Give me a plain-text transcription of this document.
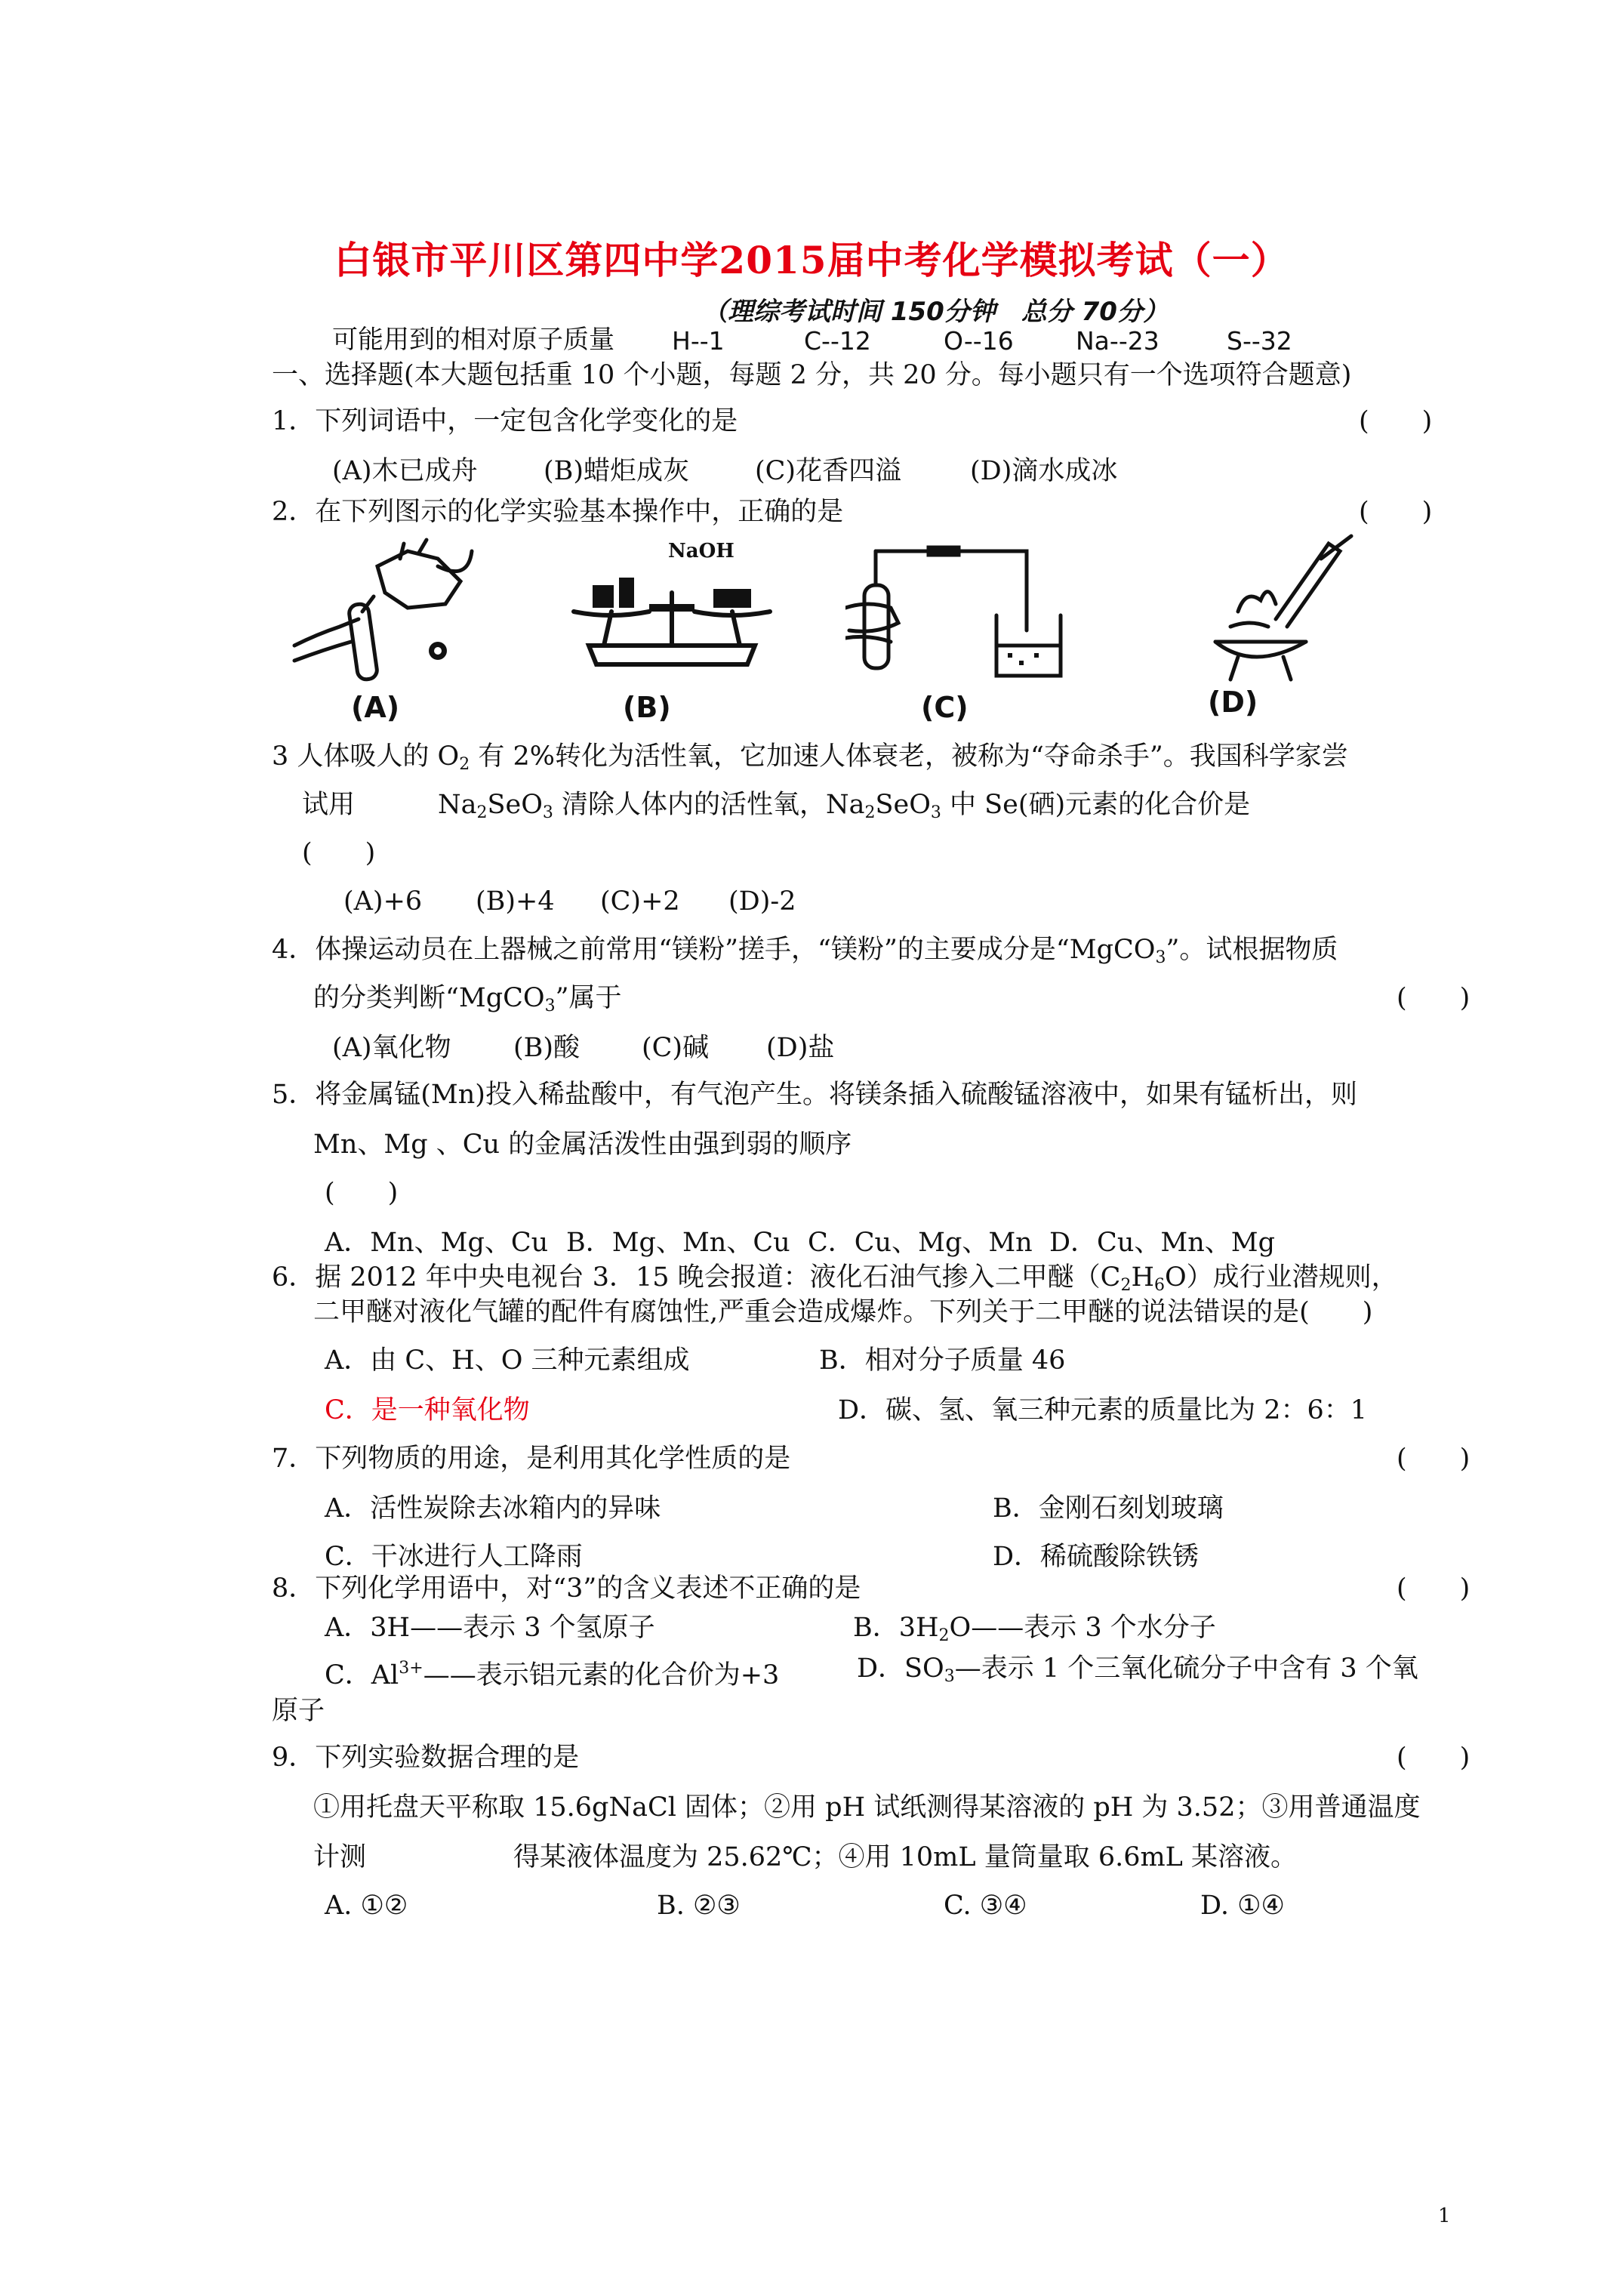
白银市平川区第四中学2015届中考化学模拟考试（一）
（理综考试时间 150分钟　总分 70分）
可能用到的相对原子质量 H--1	C--12	O--16 Na--23	S--32
一、选择题(本大题包括重 10 个小题，每题 2 分，共 20 分。每小题只有一个选项符合题意)
1．下列词语中，一定包含化学变化的是	(　　)
(A)木已成舟 (B)蜡炬成灰 (C)花香四溢	(D)滴水成冰
2．在下列图示的化学实验基本操作中，正确的是	(　　)
(A)
NaOH
(B)	(C)	(D)
3 人体吸人的 $O_2$ 有 2%转化为活性氧，它加速人体衰老，被称为“夺命杀手”。我国科学家尝
试用	$Na_2SeO_3$ 清除人体内的活性氧，$Na_2SeO_3$ 中 Se(硒)元素的化合价是
(　　)
(A)+6 (B)+4 (C)+2 (D)-2
4．体操运动员在上器械之前常用“镁粉”搓手，“镁粉”的主要成分是“MgCO$_3$”。试根据物质
的分类判断“MgCO$_3$”属于	(　　)
(A)氧化物 (B)酸 (C)碱 (D)盐
5．将金属锰(Mn)投入稀盐酸中，有气泡产生。将镁条插入硫酸锰溶液中，如果有锰析出，则
Mn、Mg 、Cu 的金属活泼性由强到弱的顺序
(　　)
A．Mn、Mg、Cu B．Mg、Mn、Cu C．Cu、Mg、Mn D．Cu、Mn、Mg
6．据 2012 年中央电视台 3．15 晚会报道：液化石油气掺入二甲醚$(C_2H_6O)$成行业潜规则，
二甲醚对液化气罐的配件有腐蚀性,严重会造成爆炸。下列关于二甲醚的说法错误的是(　　)
A．由 C、H、O 三种元素组成	B．相对分子质量 46
C．是一种氧化物	D．碳、氢、氧三种元素的质量比为 2：6：1
7．下列物质的用途，是利用其化学性质的是	(　　)
A．活性炭除去冰箱内的异味	B．金刚石刻划玻璃
C．干冰进行人工降雨	D．稀硫酸除铁锈
8．下列化学用语中，对“3”的含义表述不正确的是	(　　)
A．3H——表示 3 个氢原子	B．$3H_2O——$表示 3 个水分子
C．$Al^{3+}——$表示铝元素的化合价为+3	D．$SO_3—$表示 1 个三氧化硫分子中含有 3 个氧
原子
9．下列实验数据合理的是	(　　)
①用托盘天平称取 15.6gNaCl 固体；②用 pH 试纸测得某溶液的 pH 为 3.52；③用普通温度
计测	得某液体温度为 25.62℃；④用 10mL 量筒量取 6.6mL 某溶液。
A. ①②	B. ②③	C. ③④	D. ①④
1
